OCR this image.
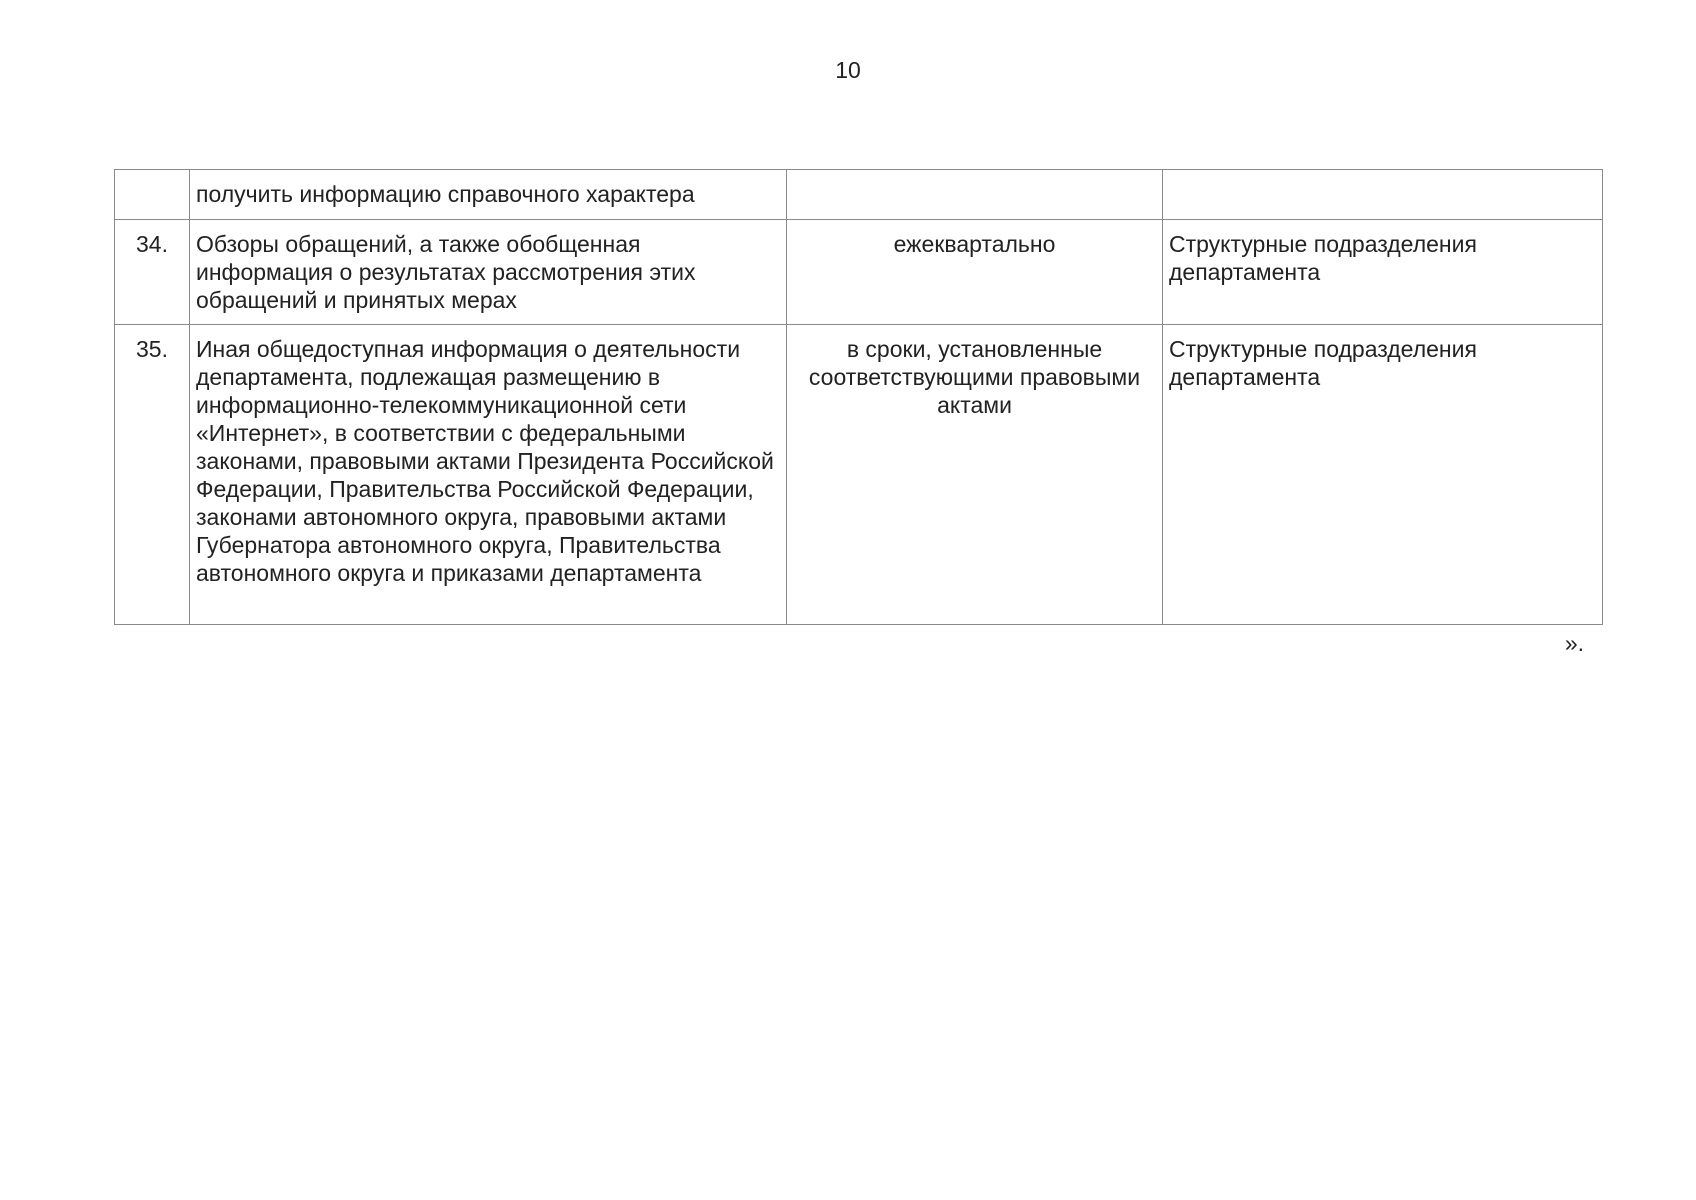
10
	получить информацию справочного характера		
34.	Обзоры обращений, а также обобщенная информация о результатах рассмотрения этих обращений и принятых мерах	ежеквартально	Структурные подразделения департамента
35.	Иная общедоступная информация о деятельности департамента, подлежащая размещению в информационно-телекоммуникационной сети «Интернет», в соответствии с федеральными законами, правовыми актами Президента Российской Федерации, Правительства Российской Федерации, законами автономного округа, правовыми актами Губернатора автономного округа, Правительства автономного округа и приказами департамента	в сроки, установленные соответствующими правовыми актами	Структурные подразделения департамента
».
